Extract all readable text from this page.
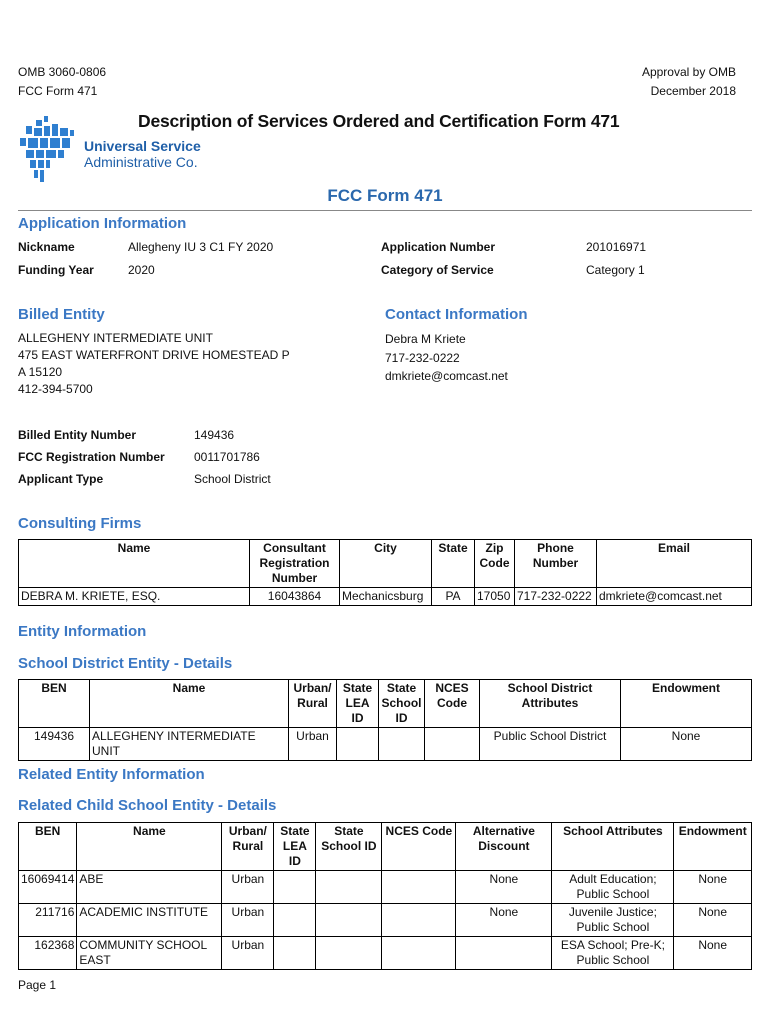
OMB 3060-0806
FCC Form 471
Approval by OMB
December 2018
Universal Service
Administrative Co.
Description of Services Ordered and Certification Form 471
FCC Form 471
Application Information
Nickname	Allegheny IU 3 C1 FY 2020
Funding Year	2020
Application Number	201016971
Category of Service	Category 1
Billed Entity
ALLEGHENY INTERMEDIATE UNIT
475 EAST WATERFRONT DRIVE HOMESTEAD P
A 15120
412-394-5700
Billed Entity Number	149436
FCC Registration Number 0011701786
Applicant Type	School District
Contact Information
Debra M Kriete
717-232-0222
dmkriete@comcast.net
Consulting Firms
Name	Consultant Registration Number	City	State	Zip Code	Phone Number	Email
DEBRA M. KRIETE, ESQ.	16043864	Mechanicsburg	PA	17050	717-232-0222	dmkriete@comcast.net
Entity Information
School District Entity - Details
BEN	Name	Urban/ Rural	State LEA ID	State School ID	NCES Code	School District Attributes	Endowment
149436	ALLEGHENY INTERMEDIATE UNIT	Urban				Public School District	None
Related Entity Information
Related Child School Entity - Details
BEN	Name	Urban/ Rural	State LEA ID	State School ID	NCES Code	Alternative Discount	School Attributes	Endowment
16069414	ABE	Urban				None	Adult Education; Public School	None
211716	ACADEMIC INSTITUTE	Urban				None	Juvenile Justice; Public School	None
162368	COMMUNITY SCHOOL EAST	Urban					ESA School; Pre-K; Public School	None
Page 1
